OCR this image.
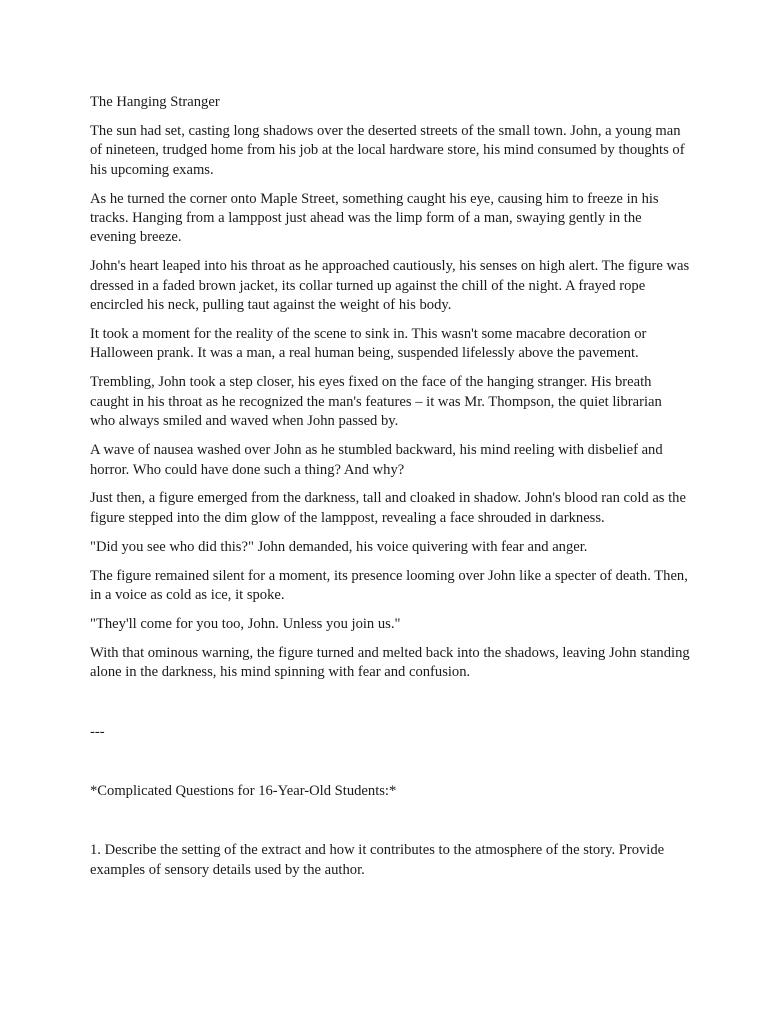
The Hanging Stranger

The sun had set, casting long shadows over the deserted streets of the small town. John, a young man of nineteen, trudged home from his job at the local hardware store, his mind consumed by thoughts of his upcoming exams.

As he turned the corner onto Maple Street, something caught his eye, causing him to freeze in his tracks. Hanging from a lamppost just ahead was the limp form of a man, swaying gently in the evening breeze.

John's heart leaped into his throat as he approached cautiously, his senses on high alert. The figure was dressed in a faded brown jacket, its collar turned up against the chill of the night. A frayed rope encircled his neck, pulling taut against the weight of his body.

It took a moment for the reality of the scene to sink in. This wasn't some macabre decoration or Halloween prank. It was a man, a real human being, suspended lifelessly above the pavement.

Trembling, John took a step closer, his eyes fixed on the face of the hanging stranger. His breath caught in his throat as he recognized the man's features – it was Mr. Thompson, the quiet librarian who always smiled and waved when John passed by.

A wave of nausea washed over John as he stumbled backward, his mind reeling with disbelief and horror. Who could have done such a thing? And why?

Just then, a figure emerged from the darkness, tall and cloaked in shadow. John's blood ran cold as the figure stepped into the dim glow of the lamppost, revealing a face shrouded in darkness.

"Did you see who did this?" John demanded, his voice quivering with fear and anger.

The figure remained silent for a moment, its presence looming over John like a specter of death. Then, in a voice as cold as ice, it spoke.

"They'll come for you too, John. Unless you join us."

With that ominous warning, the figure turned and melted back into the shadows, leaving John standing alone in the darkness, his mind spinning with fear and confusion.

---

*Complicated Questions for 16-Year-Old Students:*

1. Describe the setting of the extract and how it contributes to the atmosphere of the story. Provide examples of sensory details used by the author.
